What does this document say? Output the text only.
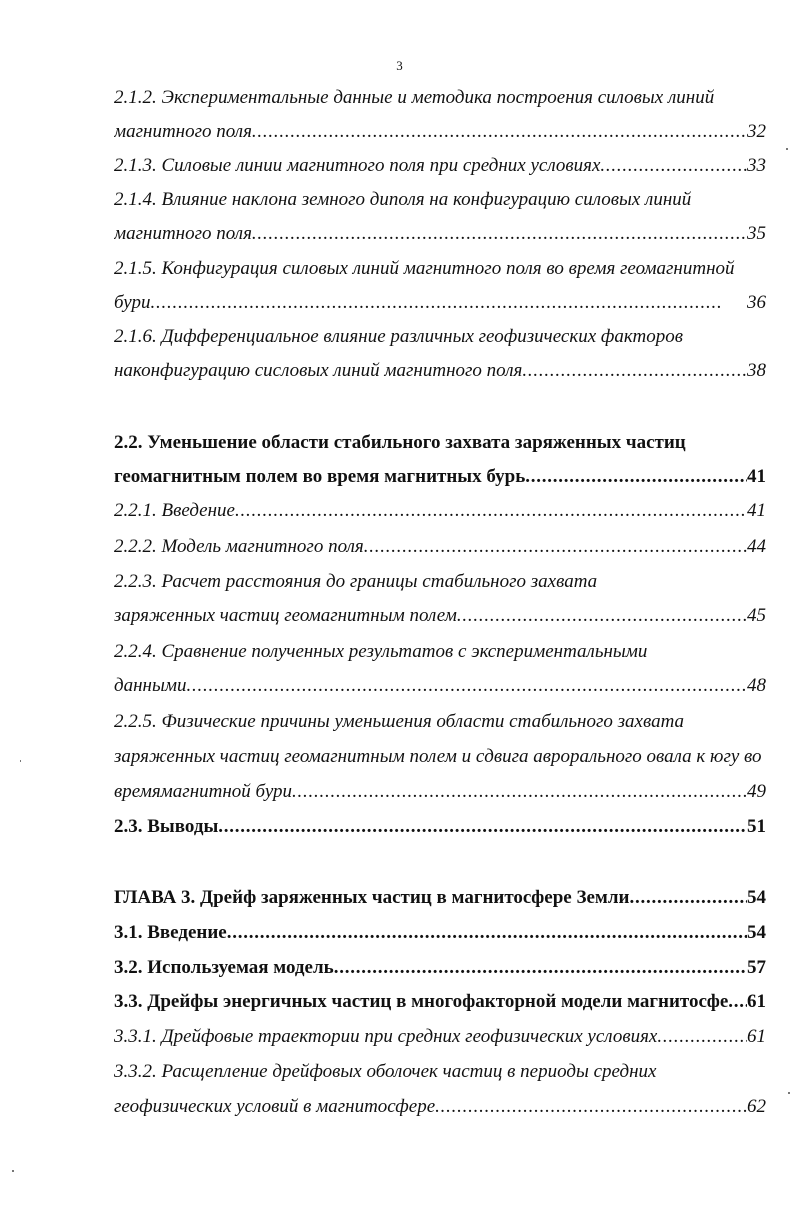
3
2.1.2. Экспериментальные данные и методика построения силовых линий
магнитного поля . . .	32
2.1.3. Силовые линии магнитного поля при средних условиях . . .	33
2.1.4. Влияние наклона земного диполя на конфигурацию силовых линий
магнитного поля . . .	35
2.1.5. Конфигурация силовых линий магнитного поля во время геомагнитной
бури . . .	36
2.1.6. Дифференциальное влияние различных геофизических факторов
наконфигурацию сисловых линий магнитного поля . . .	38
2.2. Уменьшение области стабильного захвата заряженных частиц
геомагнитным полем во время магнитных бурь . . .	41
2.2.1. Введение . . .	41
2.2.2. Модель магнитного поля . . .	44
2.2.3. Расчет расстояния до границы стабильного захвата
заряженных частиц геомагнитным полем . . .	45
2.2.4. Сравнение полученных результатов с экспериментальными
данными . . .	48
2.2.5. Физические причины уменьшения области стабильного захвата
заряженных частиц геомагнитным полем и сдвига аврорального овала к югу во
времямагнитной бури . . .	49
2.3. Выводы . . .	51
ГЛАВА 3. Дрейф заряженных частиц в магнитосфере Земли . . .	54
3.1. Введение . . .	54
3.2. Используемая модель . . .	57
3.3. Дрейфы энергичных частиц в многофакторной модели магнитосфе . . . 61
3.3.1. Дрейфовые траектории при средних геофизических условиях . . .	61
3.3.2. Расщепление дрейфовых оболочек частиц в периоды средних
геофизических условий в магнитосфере . . .	62
